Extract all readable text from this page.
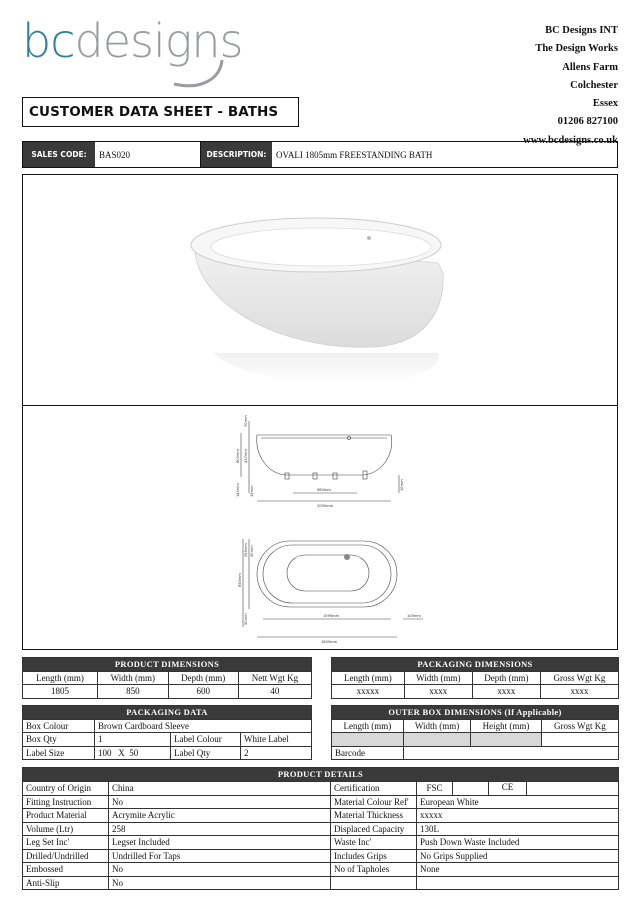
bcdesigns	BC Designs INT
The Design Works
Allens Farm
Colchester
Essex
01206 827100
www.bcdesigns.co.uk
CUSTOMER DATA SHEET - BATHS
SALES CODE:	BAS020	DESCRIPTION:	OVALI 1805mm FREESTANDING BATH
70mm
437mm
600mm
140mm	15mm	980mm
2000mm
10mm
355mm 90mm
850mm
90mm	1595mm	105mm
1805mm
PRODUCT DIMENSIONS			
Length (mm)	Width (mm)	Depth (mm)	Nett Wgt Kg
1805	850	600	40
PACKAGING DIMENSIONS			
Length (mm)	Width (mm)	Depth (mm)	Gross Wgt Kg
xxxxx	xxxx	xxxx	xxxx
PACKAGING DATA			
Box Colour	Brown Cardboard Sleeve		
Box Qty	1	Label Colour	White Label
Label Size	100   X  50	Label Qty	2
OUTER BOX DIMENSIONS (If Applicable)			
Length (mm)	Width (mm)	Height (mm)	Gross Wgt Kg

Barcode			
PRODUCT DETAILS					
Country of Origin	China	Certification	FSC		CE

Fitting Instruction	No	Material Colour Ref'	European White		
Product Material	Acrymite Acrylic	Material Thickness	xxxxx		
Volume (Ltr)	258	Displaced Capacity	130L		
Leg Set Inc'	Legset Included	Waste Inc'	Push Down Waste Included		
Drilled/Undrilled	Undrilled For Taps	Includes Grips	No Grips Supplied		
Embossed	No	No of Tapholes	None		
Anti-Slip	No				
